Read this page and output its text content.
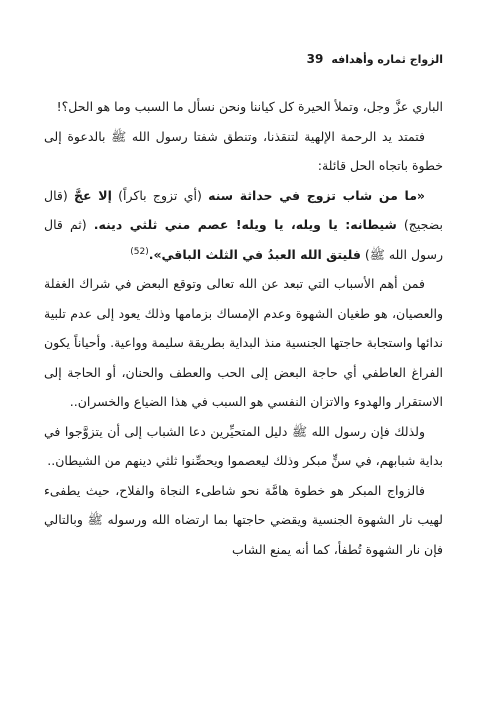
الزواج ثماره وأهدافه
39

الباري عزَّ وجل، وتملأ الحيرة كل كياننا ونحن نسأل ما السبب وما هو الحل؟!

فتمتد يد الرحمة الإلهية لتنقذنا، وتنطق شفتا رسول الله ﷺ بالدعوة إلى خطوة باتجاه الحل قائلة:

«ما من شاب تزوج في حداثة سنه (أي تزوج باكراً) إلا عجَّ (قال بضجيج) شيطانه: يا ويله، يا ويله! عصم مني ثلثي دينه. (ثم قال رسول الله ﷺ) فليتق الله العبدُ في الثلث الباقي».$^{(52)}$

فمن أهم الأسباب التي تبعد عن الله تعالى وتوقع البعض في شراك الغفلة والعصيان، هو طغيان الشهوة وعدم الإمساك بزمامها وذلك يعود إلى عدم تلبية ندائها واستجابة حاجتها الجنسية منذ البداية بطريقة سليمة وواعية. وأحياناً يكون الفراغ العاطفي أي حاجة البعض إلى الحب والعطف والحنان، أو الحاجة إلى الاستقرار والهدوء والاتزان النفسي هو السبب في هذا الضياع والخسران..

ولذلك فإن رسول الله ﷺ دليل المتحيِّرين دعا الشباب إلى أن يتزوَّجوا في بداية شبابهم، في سنٍّ مبكر وذلك ليعصموا ويحصِّنوا ثلثي دينهم من الشيطان..

فالزواج المبكر هو خطوة هامَّة نحو شاطىء النجاة والفلاح، حيث يطفىء لهيب نار الشهوة الجنسية ويقضي حاجتها بما ارتضاه الله ورسوله ﷺ وبالتالي فإن نار الشهوة تُطفأ، كما أنه يمنع الشاب
